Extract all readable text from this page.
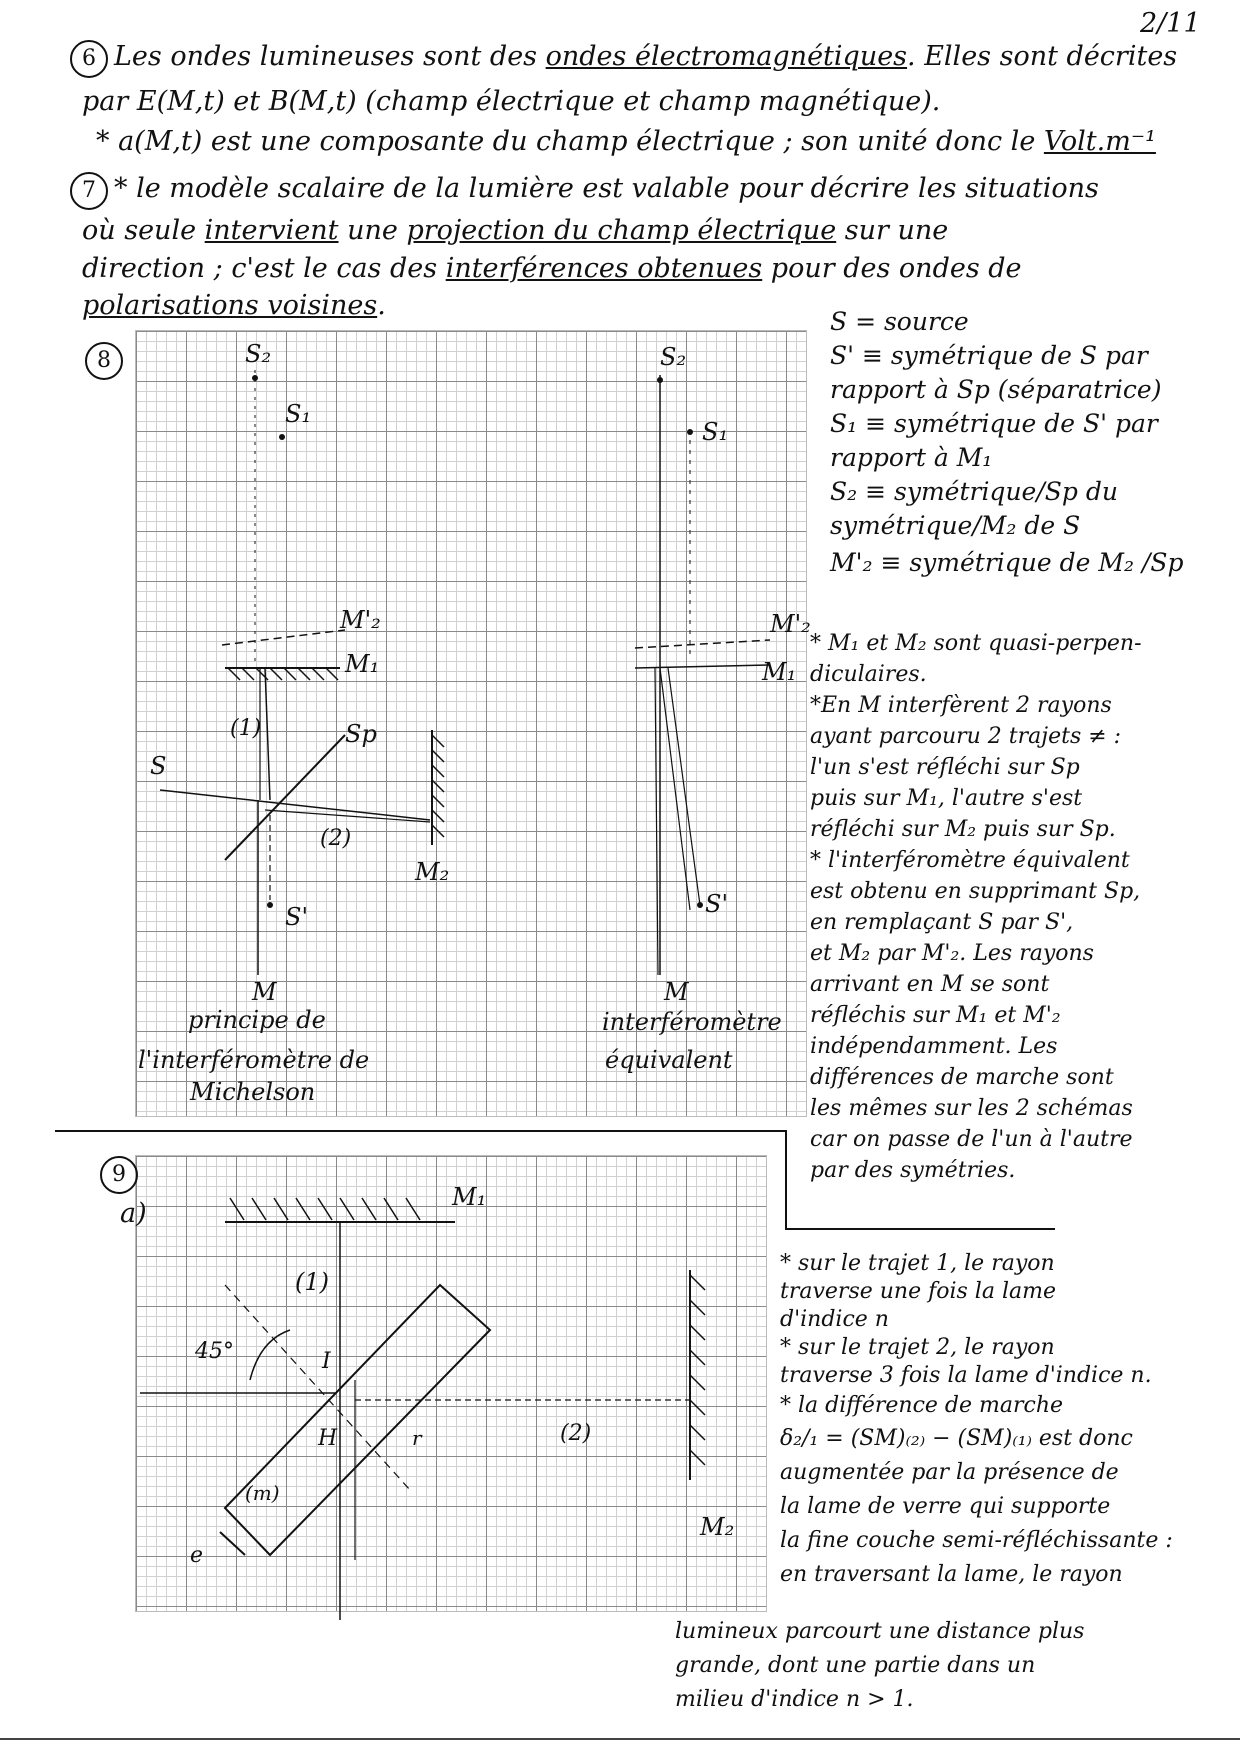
2/11
6 Les ondes lumineuses sont des ondes électromagnétiques. Elles sont décrites
par E(M,t) et B(M,t) (champ électrique et champ magnétique).
* a(M,t) est une composante du champ électrique ; son unité donc le Volt.m⁻¹
7 * le modèle scalaire de la lumière est valable pour décrire les situations
où seule intervient une projection du champ électrique sur une
direction ; c'est le cas des interférences obtenues pour des ondes de
polarisations voisines.
8	S₂
S₁
M'₂
M₁
Sp
S
(1)
(2)
M₂
S'
M
principe de
l'interféromètre de
Michelson
S₂
S₁
M'₂
M₁
S'
M
interféromètre
équivalent
S = source
S' ≡ symétrique de S par
rapport à Sp (séparatrice)
S₁ ≡ symétrique de S' par
rapport à M₁
S₂ ≡ symétrique/Sp du
symétrique/M₂ de S
M'₂ ≡ symétrique de M₂ /Sp
* M₁ et M₂ sont quasi-perpen-
diculaires.
*En M interfèrent 2 rayons
ayant parcouru 2 trajets ≠ :
l'un s'est réfléchi sur Sp
puis sur M₁, l'autre s'est
réfléchi sur M₂ puis sur Sp.
* l'interféromètre équivalent
est obtenu en supprimant Sp,
en remplaçant S par S',
et M₂ par M'₂. Les rayons
arrivant en M se sont
réfléchis sur M₁ et M'₂
indépendamment. Les
différences de marche sont
les mêmes sur les 2 schémas
car on passe de l'un à l'autre
par des symétries.
9
a)
M₁
(1)
45°	I
H	r	(2)
(m)
e
M₂
* sur le trajet 1, le rayon
traverse une fois la lame
d'indice n
* sur le trajet 2, le rayon
traverse 3 fois la lame d'indice n.
* la différence de marche
δ₂/₁ = (SM)₍₂₎ − (SM)₍₁₎ est donc
augmentée par la présence de
la lame de verre qui supporte
la fine couche semi-réfléchissante :
en traversant la lame, le rayon
lumineux parcourt une distance plus
grande, dont une partie dans un
milieu d'indice n > 1.
